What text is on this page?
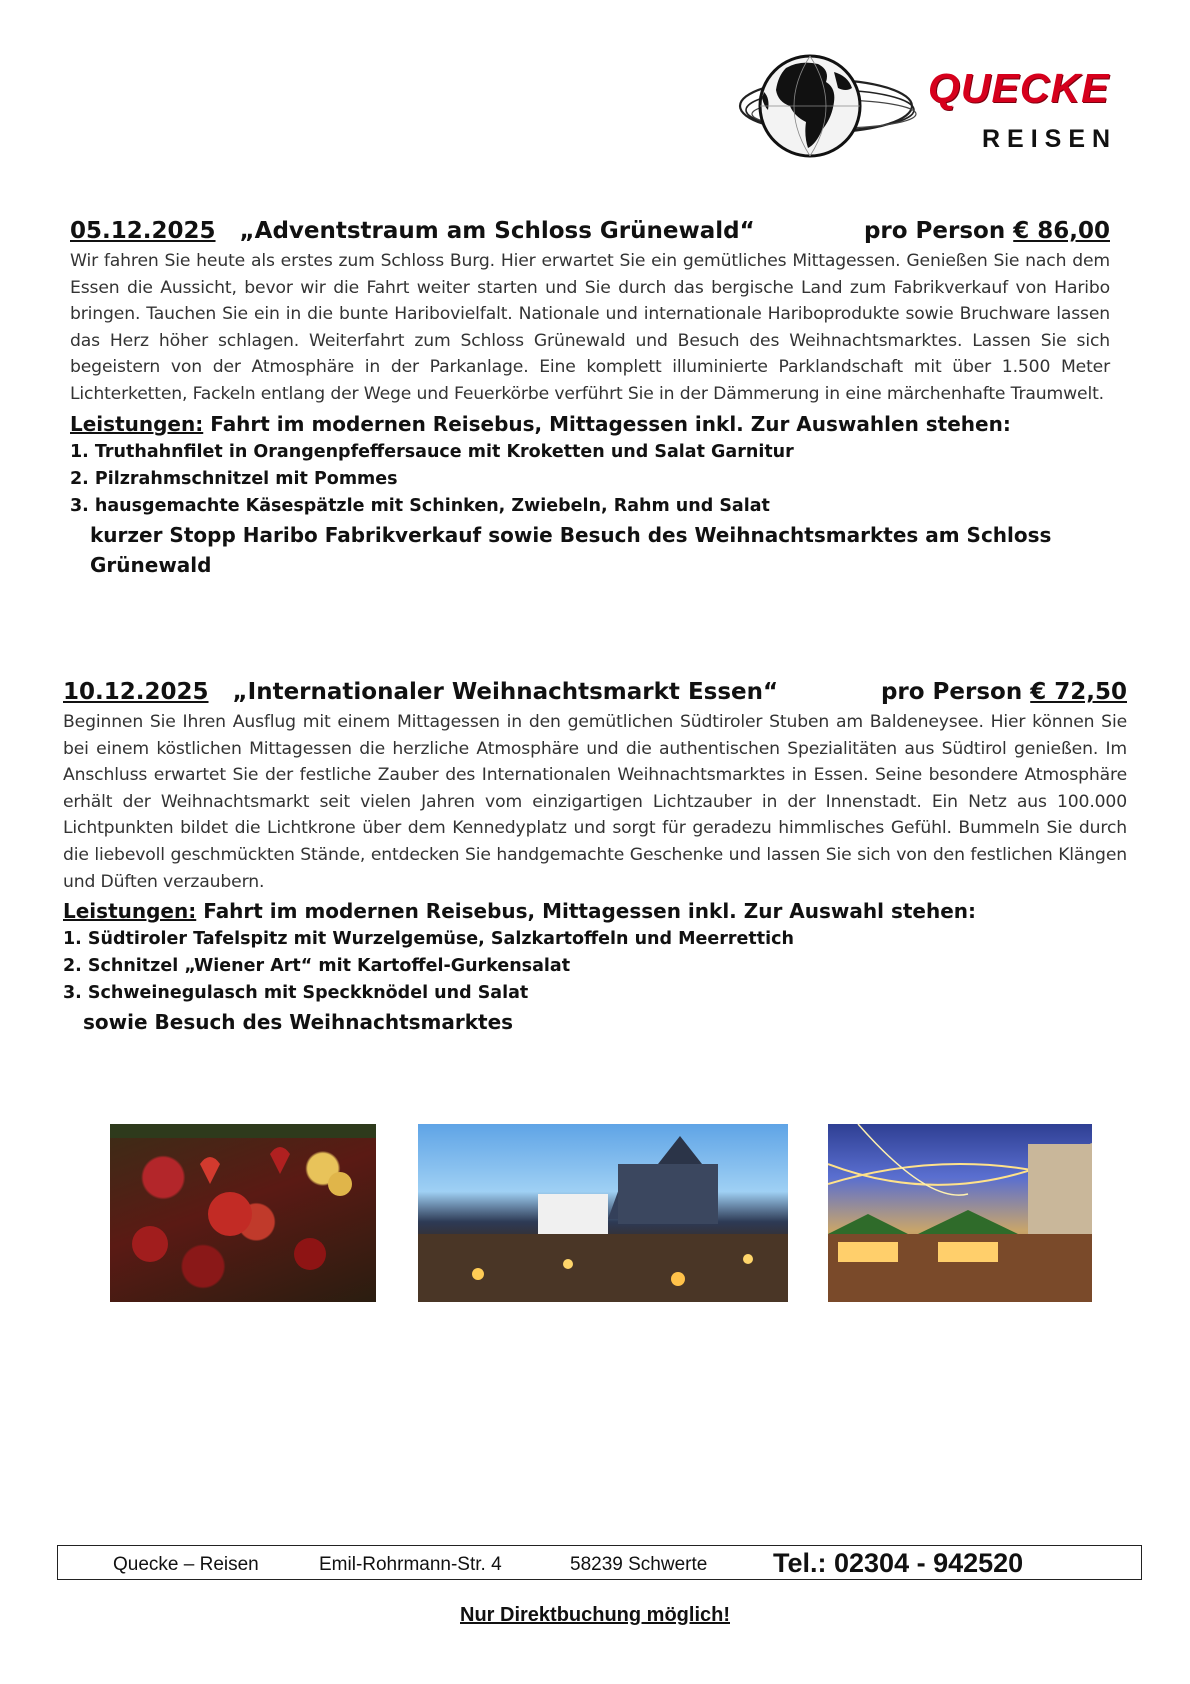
QUECKE
REISEN
05.12.2025 „Adventstraum am Schloss Grünewald“	pro Person € 86,00

Wir fahren Sie heute als erstes zum Schloss Burg. Hier erwartet Sie ein gemütliches Mittagessen. Genießen Sie nach dem Essen die Aussicht, bevor wir die Fahrt weiter starten und Sie durch das bergische Land zum Fabrikverkauf von Haribo bringen. Tauchen Sie ein in die bunte Haribovielfalt. Nationale und internationale Hariboprodukte sowie Bruchware lassen das Herz höher schlagen. Weiterfahrt zum Schloss Grünewald und Besuch des Weihnachtsmarktes. Lassen Sie sich begeistern von der Atmosphäre in der Parkanlage. Eine komplett illuminierte Parklandschaft mit über 1.500 Meter Lichterketten, Fackeln entlang der Wege und Feuerkörbe verführt Sie in der Dämmerung in eine märchenhafte Traumwelt.

Leistungen: Fahrt im modernen Reisebus, Mittagessen inkl. Zur Auswahlen stehen:
1. Truthahnfilet in Orangenpfeffersauce mit Kroketten und Salat Garnitur
2. Pilzrahmschnitzel mit Pommes
3. hausgemachte Käsespätzle mit Schinken, Zwiebeln, Rahm und Salat
kurzer Stopp Haribo Fabrikverkauf sowie Besuch des Weihnachtsmarktes am Schloss Grünewald
10.12.2025 „Internationaler Weihnachtsmarkt Essen“	pro Person € 72,50

Beginnen Sie Ihren Ausflug mit einem Mittagessen in den gemütlichen Südtiroler Stuben am Baldeneysee. Hier können Sie bei einem köstlichen Mittagessen die herzliche Atmosphäre und die authentischen Spezialitäten aus Südtirol genießen. Im Anschluss erwartet Sie der festliche Zauber des Internationalen Weihnachtsmarktes in Essen. Seine besondere Atmosphäre erhält der Weihnachtsmarkt seit vielen Jahren vom einzigartigen Lichtzauber in der Innenstadt. Ein Netz aus 100.000 Lichtpunkten bildet die Lichtkrone über dem Kennedyplatz und sorgt für geradezu himmlisches Gefühl. Bummeln Sie durch die liebevoll geschmückten Stände, entdecken Sie handgemachte Geschenke und lassen Sie sich von den festlichen Klängen und Düften verzaubern.

Leistungen: Fahrt im modernen Reisebus, Mittagessen inkl. Zur Auswahl stehen:
1. Südtiroler Tafelspitz mit Wurzelgemüse, Salzkartoffeln und Meerrettich
2. Schnitzel „Wiener Art“ mit Kartoffel-Gurkensalat
3. Schweinegulasch mit Speckknödel und Salat
sowie Besuch des Weihnachtsmarktes
Quecke – Reisen	Emil-Rohrmann-Str. 4	58239 Schwerte Tel.: 02304 - 942520
Nur Direktbuchung möglich!
